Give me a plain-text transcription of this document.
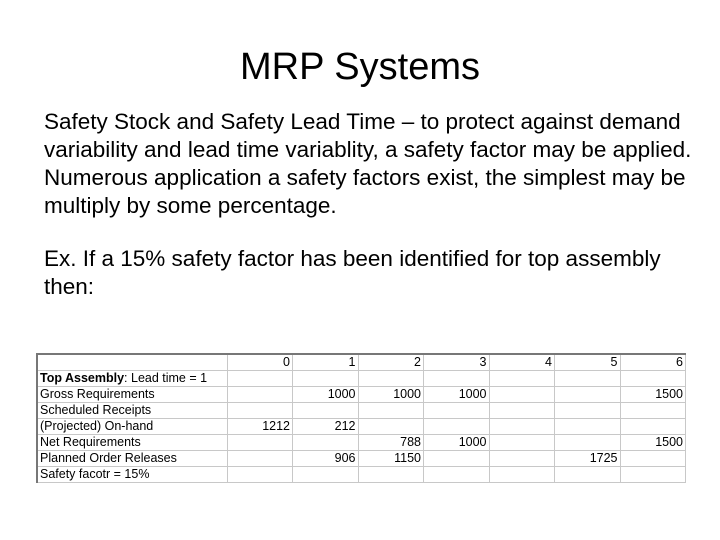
MRP Systems

Safety Stock and Safety Lead Time – to protect against demand variability and lead time variablity, a safety factor may be applied. Numerous application a safety factors exist, the simplest may be multiply by some percentage.

Ex. If a 15% safety factor has been identified for top assembly then:

	0	1	2	3	4	5	6
Top Assembly: Lead time = 1							
Gross Requirements		1000	1000	1000			1500
Scheduled Receipts							
(Projected) On-hand	1212	212					
Net Requirements			788	1000			1500
Planned Order Releases		906	1150			1725	
Safety facotr = 15%							
